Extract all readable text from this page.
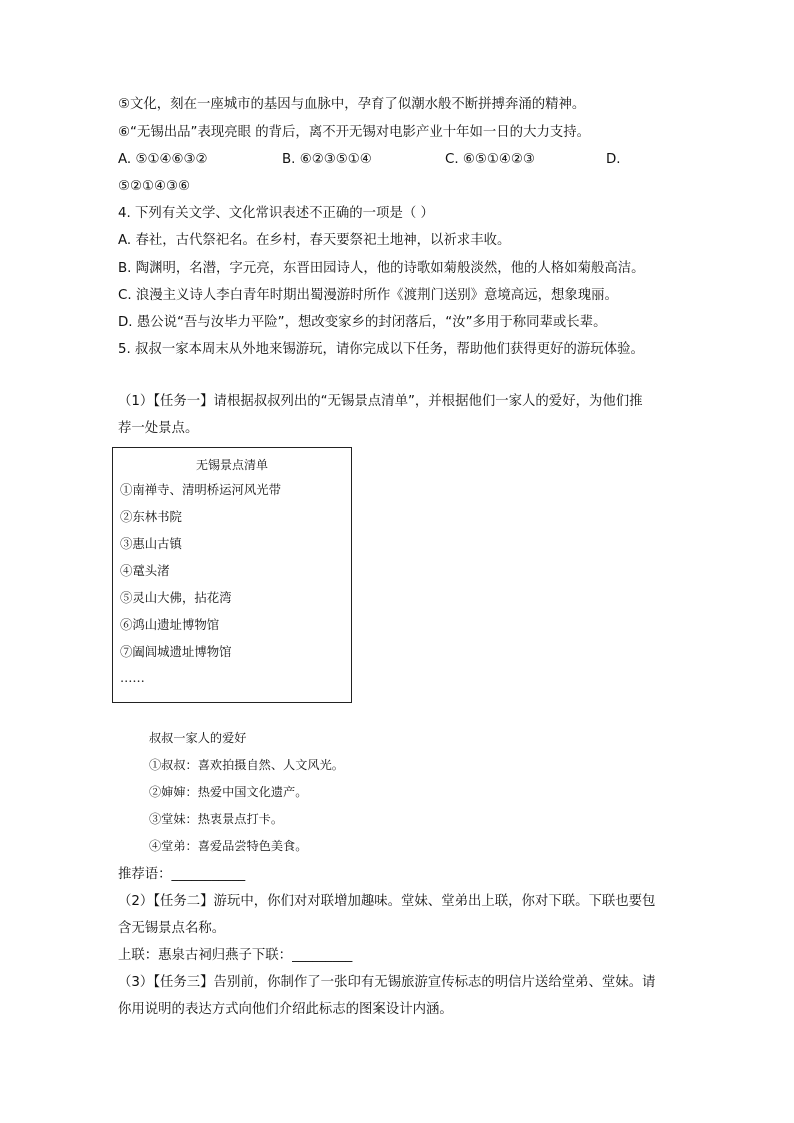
⑤文化，刻在一座城市的基因与血脉中，孕育了似潮水般不断拼搏奔涌的精神。
⑥“无锡出品”表现亮眼 的背后，离不开无锡对电影产业十年如一日的大力支持。
A. ⑤①④⑥③②	B. ⑥②③⑤①④	C. ⑥⑤①④②③	D.
⑤②①④③⑥
4. 下列有关文学、文化常识表述不正确的一项是（ ）
A. 春社，古代祭祀名。在乡村，春天要祭祀土地神，以祈求丰收。
B. 陶渊明，名潜，字元亮，东晋田园诗人，他的诗歌如菊般淡然，他的人格如菊般高洁。
C. 浪漫主义诗人李白青年时期出蜀漫游时所作《渡荆门送别》意境高远，想象瑰丽。
D. 愚公说“吾与汝毕力平险”，想改变家乡的封闭落后，“汝”多用于称同辈或长辈。
5. 叔叔一家本周末从外地来锡游玩，请你完成以下任务，帮助他们获得更好的游玩体验。
（1）【任务一】请根据叔叔列出的“无锡景点清单”，并根据他们一家人的爱好，为他们推
荐一处景点。
无锡景点清单
①南禅寺、清明桥运河风光带
②东林书院
③惠山古镇
④鼋头渚
⑤灵山大佛，拈花湾
⑥鸿山遗址博物馆
⑦阖闾城遗址博物馆
……
叔叔一家人的爱好
①叔叔：喜欢拍摄自然、人文风光。
②婶婶：热爱中国文化遗产。
③堂妹：热衷景点打卡。
④堂弟：喜爱品尝特色美食。
推荐语：___________
（2）【任务二】游玩中，你们对对联增加趣味。堂妹、堂弟出上联，你对下联。下联也要包
含无锡景点名称。
上联：惠泉古祠归燕子下联：_________
（3）【任务三】告别前，你制作了一张印有无锡旅游宣传标志的明信片送给堂弟、堂妹。请
你用说明的表达方式向他们介绍此标志的图案设计内涵。
